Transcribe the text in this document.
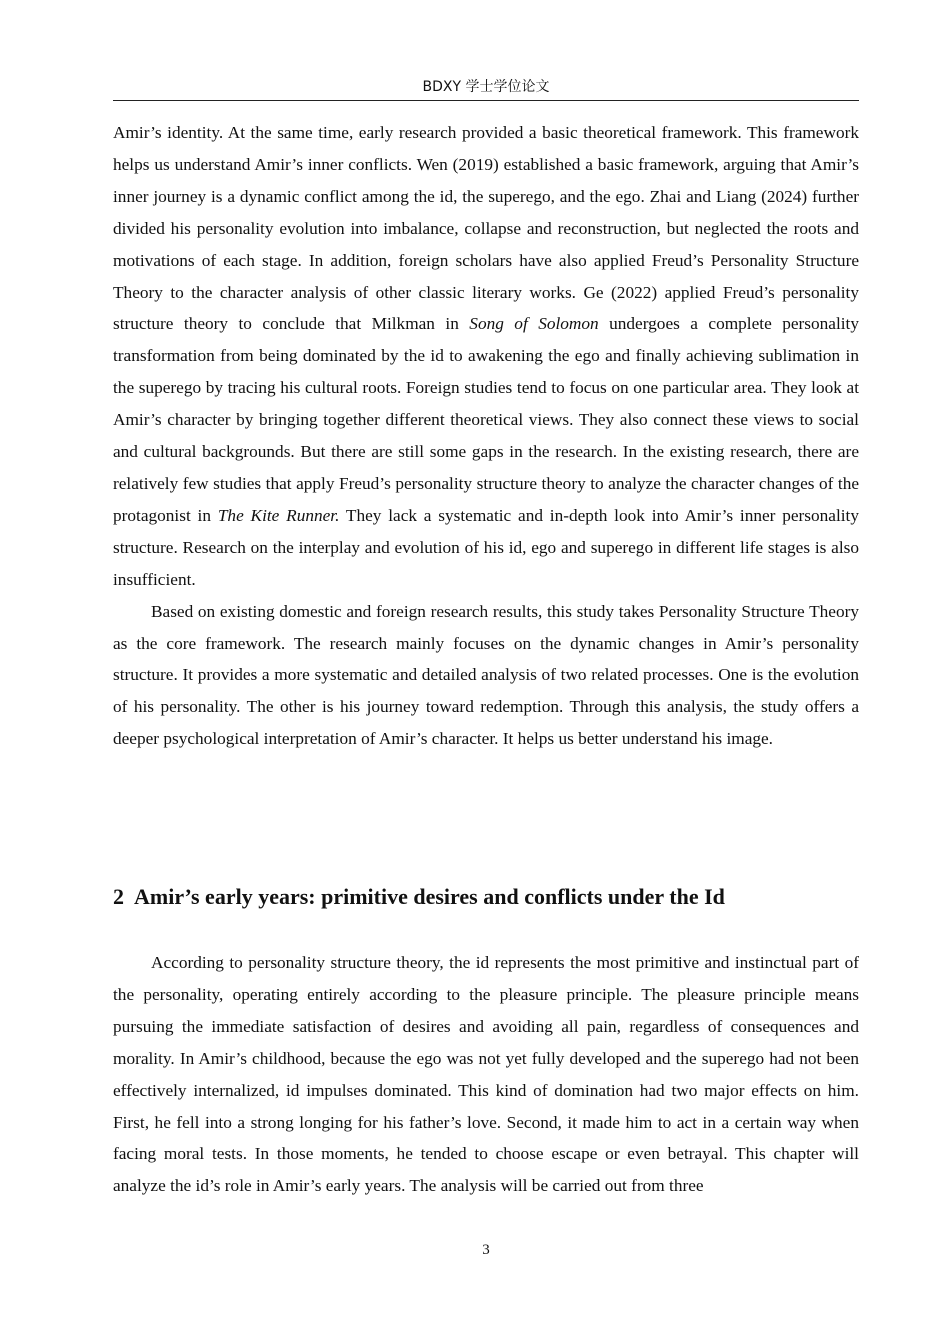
BDXY 学士学位论文

Amir’s identity. At the same time, early research provided a basic theoretical framework. This framework helps us understand Amir’s inner conflicts. Wen (2019) established a basic framework, arguing that Amir’s inner journey is a dynamic conflict among the id, the superego, and the ego. Zhai and Liang (2024) further divided his personality evolution into imbalance, collapse and reconstruction, but neglected the roots and motivations of each stage. In addition, foreign scholars have also applied Freud’s Personality Structure Theory to the character analysis of other classic literary works. Ge (2022) applied Freud’s personality structure theory to conclude that Milkman in Song of Solomon undergoes a complete personality transformation from being dominated by the id to awakening the ego and finally achieving sublimation in the superego by tracing his cultural roots. Foreign studies tend to focus on one particular area. They look at Amir’s character by bringing together different theoretical views. They also connect these views to social and cultural backgrounds. But there are still some gaps in the research. In the existing research, there are relatively few studies that apply Freud’s personality structure theory to analyze the character changes of the protagonist in The Kite Runner. They lack a systematic and in-depth look into Amir’s inner personality structure. Research on the interplay and evolution of his id, ego and superego in different life stages is also insufficient.

Based on existing domestic and foreign research results, this study takes Personality Structure Theory as the core framework. The research mainly focuses on the dynamic changes in Amir’s personality structure. It provides a more systematic and detailed analysis of two related processes. One is the evolution of his personality. The other is his journey toward redemption. Through this analysis, the study offers a deeper psychological interpretation of Amir’s character. It helps us better understand his image.

2 Amir’s early years: primitive desires and conflicts under the Id

According to personality structure theory, the id represents the most primitive and instinctual part of the personality, operating entirely according to the pleasure principle. The pleasure principle means pursuing the immediate satisfaction of desires and avoiding all pain, regardless of consequences and morality. In Amir’s childhood, because the ego was not yet fully developed and the superego had not been effectively internalized, id impulses dominated. This kind of domination had two major effects on him. First, he fell into a strong longing for his father’s love. Second, it made him to act in a certain way when facing moral tests. In those moments, he tended to choose escape or even betrayal. This chapter will analyze the id’s role in Amir’s early years. The analysis will be carried out from three

3
